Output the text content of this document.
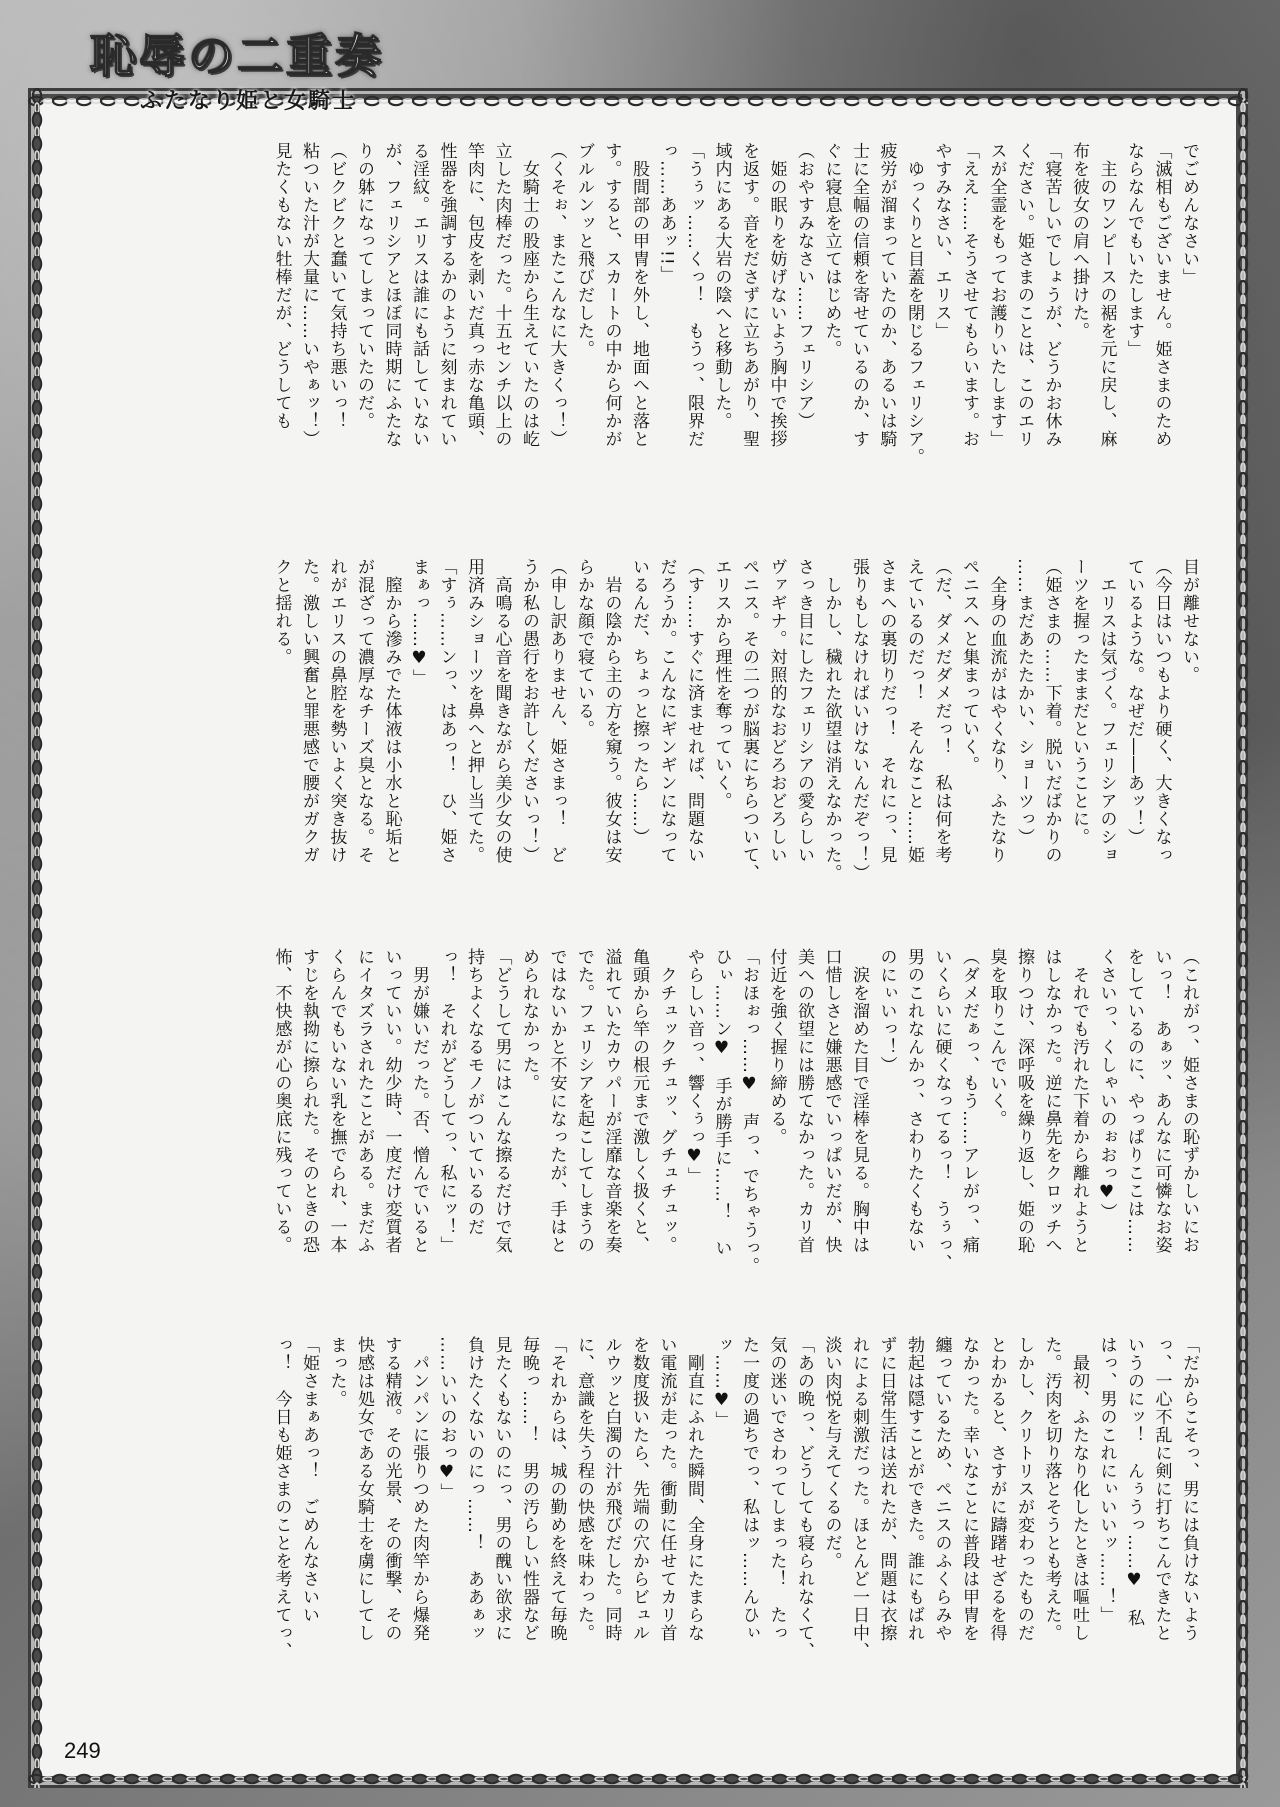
恥辱の二重奏
ふたなり姫と女騎士

でごめんなさい」

「滅相もございません。姫さまのため

ならなんでもいたします」

　主のワンピースの裾を元に戻し、麻

布を彼女の肩へ掛けた。

「寝苦しいでしょうが、どうかお休み

ください。姫さまのことは、このエリ

スが全霊をもってお護りいたします」

「ええ……そうさせてもらいます。お

やすみなさい、エリス」

　ゆっくりと目蓋を閉じるフェリシア。

疲労が溜まっていたのか、あるいは騎

士に全幅の信頼を寄せているのか、す

ぐに寝息を立てはじめた。

（おやすみなさい……フェリシア）

　姫の眠りを妨げないよう胸中で挨拶

を返す。音をださずに立ちあがり、聖

域内にある大岩の陰へと移動した。

「うぅッ……くっ！　もうっ、限界だ

っ……ああッ!!」

　股間部の甲冑を外し、地面へと落と

す。すると、スカートの中から何かが

ブルルンッと飛びだした。

（くそぉ、またこんなに大きくっ！）

　女騎士の股座から生えていたのは屹

立した肉棒だった。十五センチ以上の

竿肉に、包皮を剥いだ真っ赤な亀頭、

性器を強調するかのように刻まれてい

る淫紋。エリスは誰にも話していない

が、フェリシアとほぼ同時期にふたな

りの躰になってしまっていたのだ。

（ビクビクと蠢いて気持ち悪いっ！

粘ついた汁が大量に……いやぁッ！）

見たくもない牡棒だが、どうしても

目が離せない。

（今日はいつもより硬く、大きくなっ

ているような。なぜだ――あッ！）

　エリスは気づく。フェリシアのショ

ーツを握ったままだということに。

（姫さまの……下着。脱いだばかりの

……まだあたたかい、ショーツっ）

　全身の血流がはやくなり、ふたなり

ペニスへと集まっていく。

（だ、ダメだダメだっ！　私は何を考

えているのだっ！　そんなこと……姫

さまへの裏切りだっ！　それにっ、見

張りもしなければいけないんだぞっ！）

　しかし、穢れた欲望は消えなかった。

さっき目にしたフェリシアの愛らしい

ヴァギナ。対照的なおどろおどろしい

ペニス。その二つが脳裏にちらついて、

エリスから理性を奪っていく。

（す……すぐに済ませれば、問題ない

だろうか。こんなにギンギンになって

いるんだ、ちょっと擦ったら……）

　岩の陰から主の方を窺う。彼女は安

らかな顔で寝ている。

（申し訳ありません、姫さまっ！　ど

うか私の愚行をお許しくださいっ！）

　高鳴る心音を聞きながら美少女の使

用済みショーツを鼻へと押し当てた。

「すぅ……ンっ、はあっ！　ひ、姫さ

まぁっ……♥」

　膣から滲みでた体液は小水と恥垢と

が混ざって濃厚なチーズ臭となる。そ

れがエリスの鼻腔を勢いよく突き抜け

た。激しい興奮と罪悪感で腰がガクガ

クと揺れる。

（これがっ、姫さまの恥ずかしいにお

いっ！　あぁッ、あんなに可憐なお姿

をしているのに、やっぱりここは……

くさいっ、くしゃいのぉおっ♥）

　それでも汚れた下着から離れようと

はしなかった。逆に鼻先をクロッチへ

擦りつけ、深呼吸を繰り返し、姫の恥

臭を取りこんでいく。

（ダメだぁっ、もう……アレがっ、痛

いくらいに硬くなってるっ！　うぅっ、

男のこれなんかっ、さわりたくもない

のにぃいっ！）

　涙を溜めた目で淫棒を見る。胸中は

口惜しさと嫌悪感でいっぱいだが、快

美への欲望には勝てなかった。カリ首

付近を強く握り締める。

「おほぉっ……♥　声っ、でちゃうっ。

ひぃ……ン♥　手が勝手に……！　い

やらしい音っ、響くぅっ♥」

　クチュックチュッ、グチュチュッ。

亀頭から竿の根元まで激しく扱くと、

溢れていたカウパーが淫靡な音楽を奏

でた。フェリシアを起こしてしまうの

ではないかと不安になったが、手はと

められなかった。

「どうして男にはこんな擦るだけで気

持ちよくなるモノがついているのだ

っ！　それがどうしてっ、私にッ！」

　男が嫌いだった。否、憎んでいると

いっていい。幼少時、一度だけ変質者

にイタズラされたことがある。まだふ

くらんでもいない乳を撫でられ、一本

すじを執拗に擦られた。そのときの恐

怖、不快感が心の奥底に残っている。

「だからこそっ、男には負けないよう

っ、一心不乱に剣に打ちこんできたと

いうのにッ！　んぅうっ……♥　私

はっ、男のこれにぃいいッ……！」

　最初、ふたなり化したときは嘔吐し

た。汚肉を切り落とそうとも考えた。

しかし、クリトリスが変わったものだ

とわかると、さすがに躊躇せざるを得

なかった。幸いなことに普段は甲冑を

纏っているため、ペニスのふくらみや

勃起は隠すことができた。誰にもばれ

ずに日常生活は送れたが、問題は衣擦

れによる刺激だった。ほとんど一日中、

淡い肉悦を与えてくるのだ。

「あの晩っ、どうしても寝られなくて、

気の迷いでさわってしまった！　たっ

た一度の過ちでっ、私はッ……んひぃ

ッ……♥」

　剛直にふれた瞬間、全身にたまらな

い電流が走った。衝動に任せてカリ首

を数度扱いたら、先端の穴からビュル

ルウッと白濁の汁が飛びだした。同時

に、意識を失う程の快感を味わった。

「それからは、城の勤めを終えて毎晩

毎晩っ……！　男の汚らしい性器など

見たくもないのにっ、男の醜い欲求に

負けたくないのにっ……！　ああぁッ

……いいのおっ♥」

　パンパンに張りつめた肉竿から爆発

する精液。その光景、その衝撃、その

快感は処女である女騎士を虜にしてし

まった。

「姫さまぁあっ！　ごめんなさいい

っ！　今日も姫さまのことを考えてっ、

249
